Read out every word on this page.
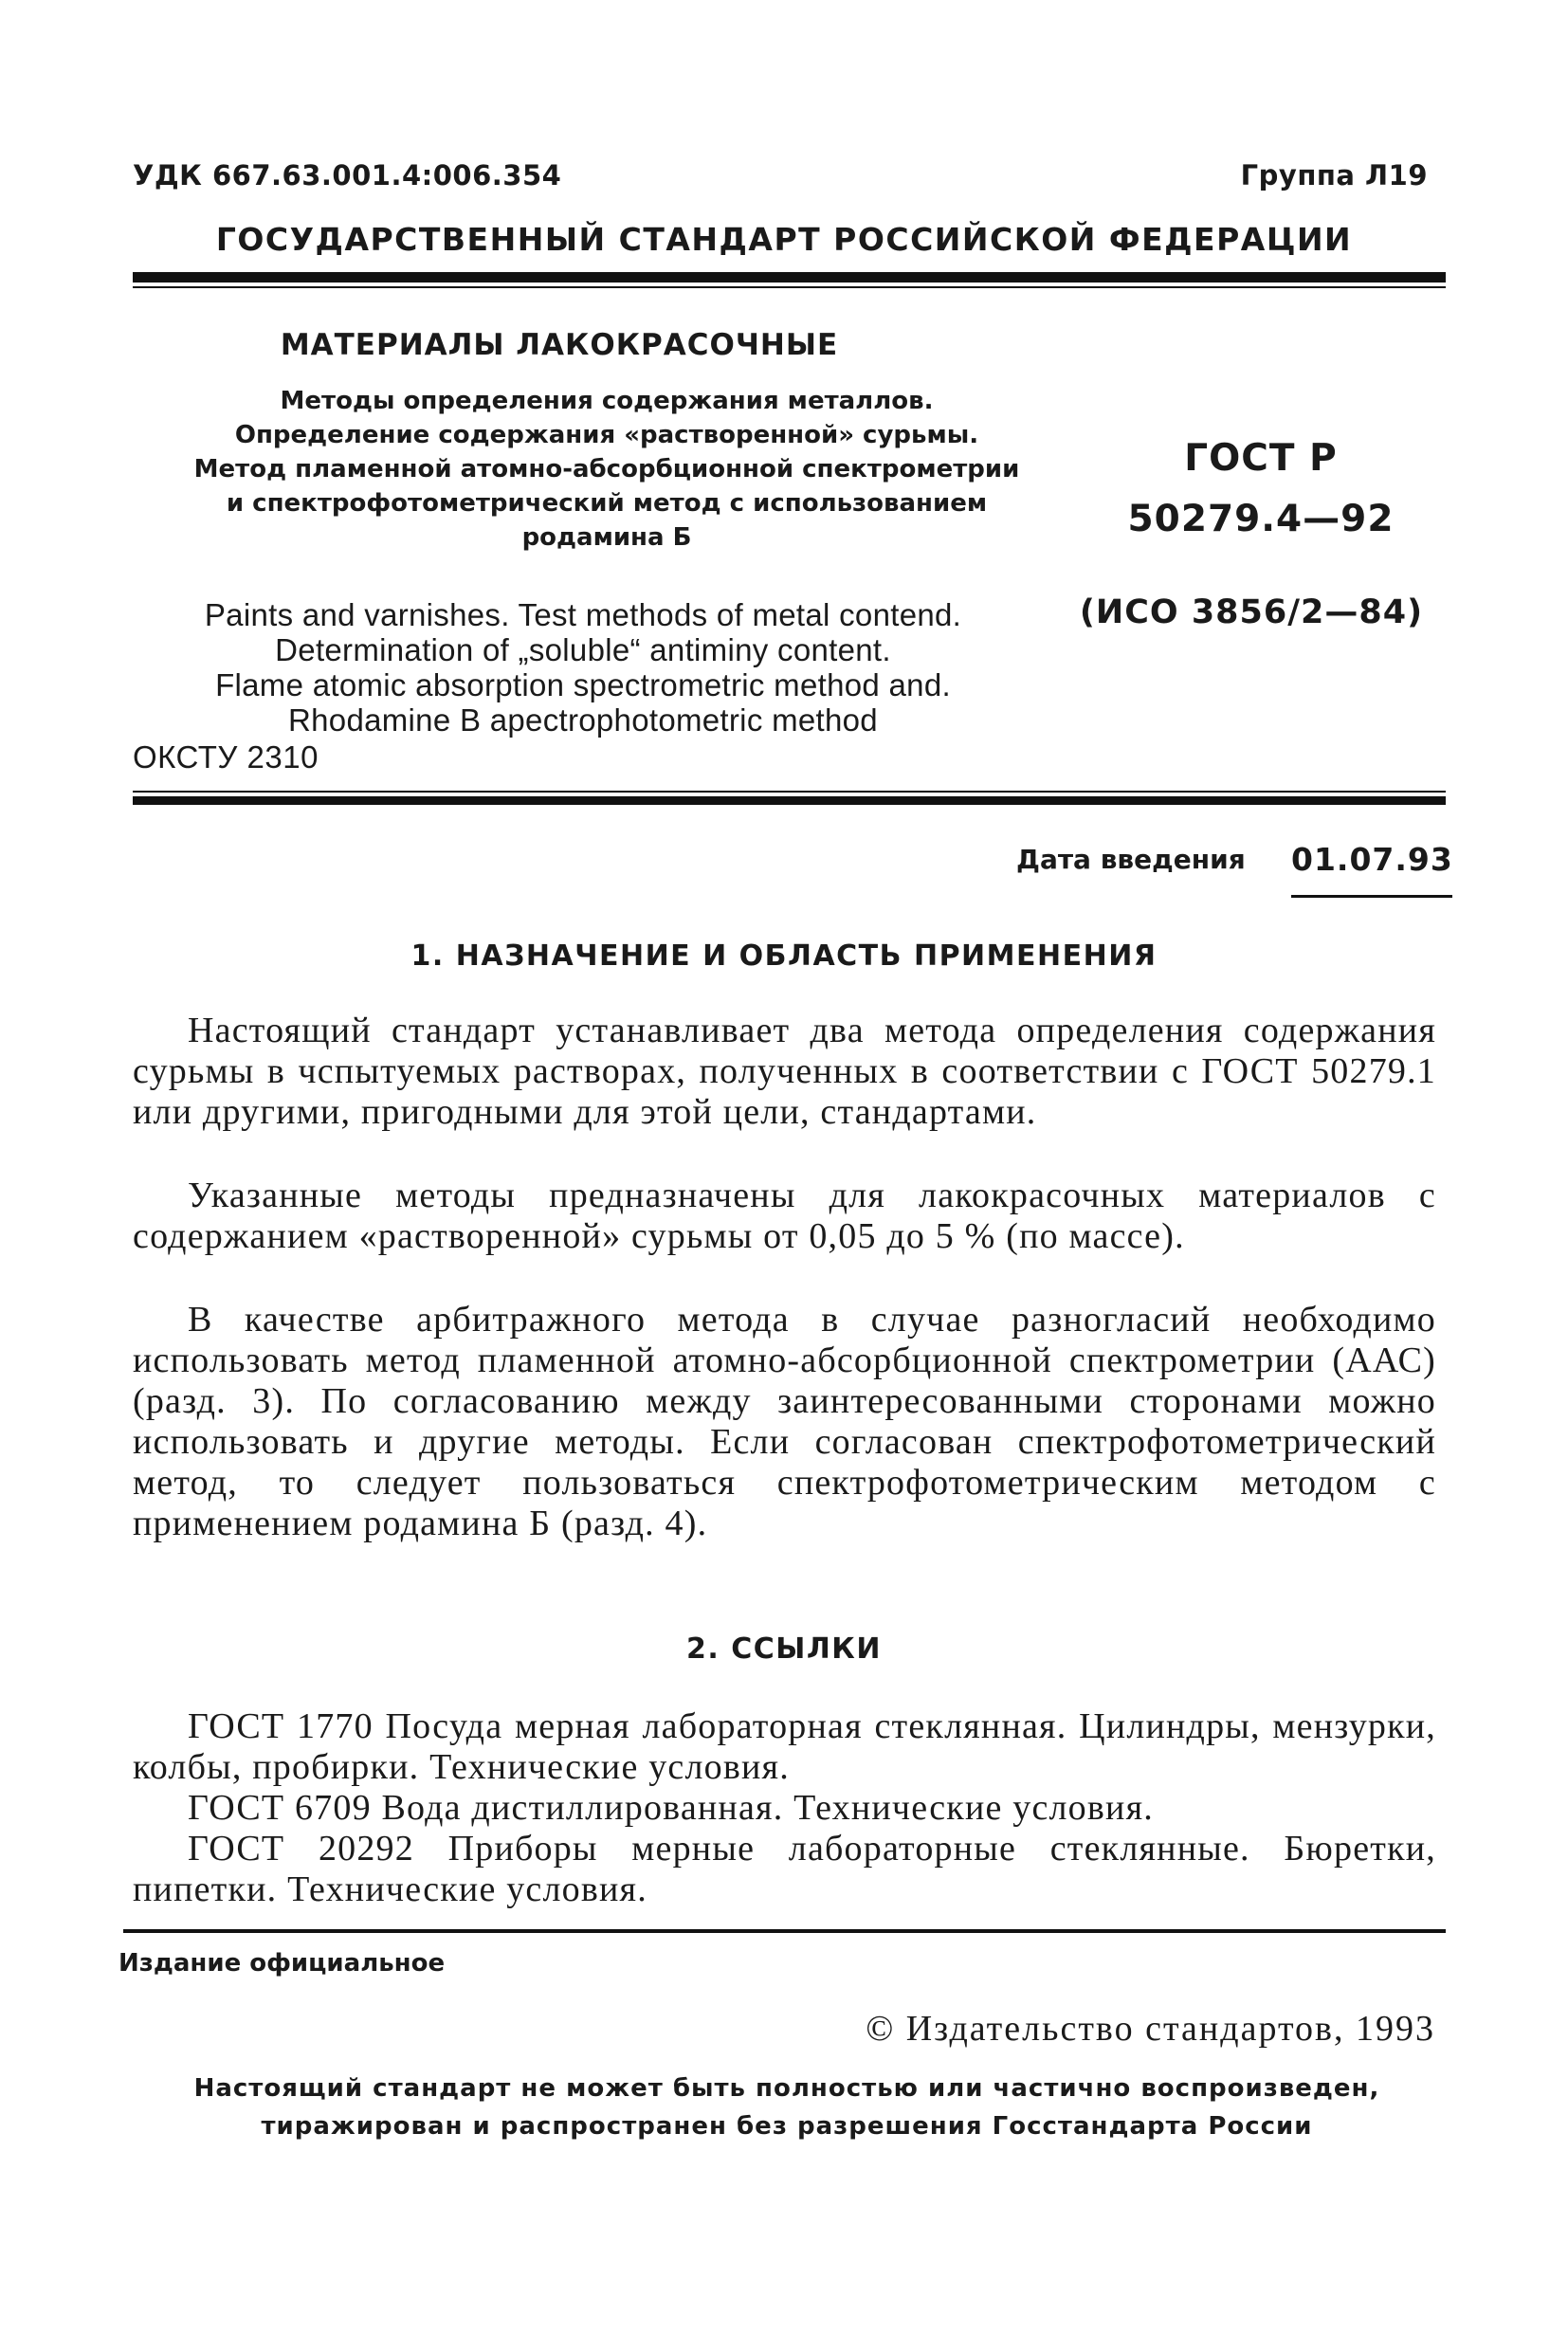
УДК 667.63.001.4:006.354	Группа Л19
ГОСУДАРСТВЕННЫЙ СТАНДАРТ РОССИЙСКОЙ ФЕДЕРАЦИИ
МАТЕРИАЛЫ ЛАКОКРАСОЧНЫЕ
Методы определения содержания металлов.
Определение содержания «растворенной» сурьмы.
Метод пламенной атомно-абсорбционной спектрометрии
и спектрофотометрический метод с использованием
родамина Б
ГОСТ Р
50279.4—92
(ИСО 3856/2—84)
Paints and varnishes. Test methods of metal contend.
Determination of „soluble“ antiminy content.
Flame atomic absorption spectrometric method and.
Rhodamine B apectrophotometric method
ОКСТУ 2310
Дата введения 01.07.93
1. НАЗНАЧЕНИЕ И ОБЛАСТЬ ПРИМЕНЕНИЯ

Настоящий стандарт устанавливает два метода определения содержания сурьмы в чспытуемых растворах, полученных в соответствии с ГОСТ 50279.1 или другими, пригодными для этой цели, стандартами.

Указанные методы предназначены для лакокрасочных материалов с содержанием «растворенной» сурьмы от 0,05 до 5 % (по массе).

В качестве арбитражного метода в случае разногласий необходимо использовать метод пламенной атомно-абсорбционной спектрометрии (ААС) (разд. 3). По согласованию между заинтересованными сторонами можно использовать и другие методы. Если согласован спектрофотометрический метод, то следует пользоваться спектрофотометрическим методом с применением родамина Б (разд. 4).

2. ССЫЛКИ
ГОСТ 1770 Посуда мерная лабораторная стеклянная. Цилиндры, мензурки, колбы, пробирки. Технические условия.
ГОСТ 6709 Вода дистиллированная. Технические условия.
ГОСТ 20292 Приборы мерные лабораторные стеклянные. Бюретки, пипетки. Технические условия.
Издание официальное
© Издательство стандартов, 1993
Настоящий стандарт не может быть полностью или частично воспроизведен,
тиражирован и распространен без разрешения Госстандарта России
